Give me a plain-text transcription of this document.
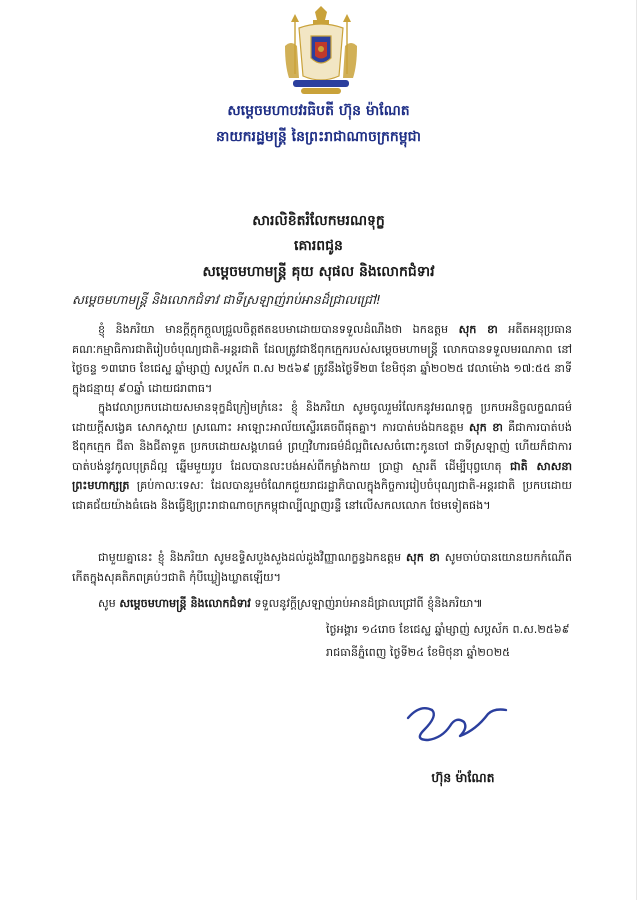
សម្តេចមហាបវរធិបតី ហ៊ុន ម៉ាណែត
នាយករដ្ឋមន្ត្រី នៃព្រះរាជាណាចក្រកម្ពុជា
សារលិខិតរំលែកមរណទុក្ខ
គោរពជូន
សម្តេចមហាមន្ត្រី គុយ សុផល និងលោកជំទាវ
សម្តេចមហាមន្ត្រី និងលោកជំទាវ ជាទីស្រឡាញ់រាប់អានដ៏ជ្រាលជ្រៅ!
ខ្ញុំ និងភរិយា មានក្តីក្តុកក្តួលជ្រួលចិត្តឥតឧបមាដោយបានទទួលដំណឹងថា ឯកឧត្តម សុក ខា អតីតអនុប្រធានគណៈកម្មាធិការជាតិរៀបចំបុណ្យជាតិ-អន្តរជាតិ ដែលត្រូវជាឪពុកក្មេករបស់សម្តេចមហាមន្ត្រី លោកបានទទួលមរណភាព នៅថ្ងៃចន្ទ ១៣រោច ខែជេស្ឋ ឆ្នាំម្សាញ់ សប្តស័ក ព.ស ២៥៦៩ ត្រូវនឹងថ្ងៃទី២៣ ខែមិថុនា ឆ្នាំ២០២៥ វេលាម៉ោង ១៧:៥៥ នាទី ក្នុងជន្មាយុ ៩០ឆ្នាំ ដោយជរាពាធ។
ក្នុងវេលាប្រកបដោយសមានទុក្ខដ៏ក្រៀមក្រំនេះ ខ្ញុំ និងភរិយា សូមចូលរួមរំលែកនូវមរណទុក្ខ ប្រកបអនិច្ចលក្ខណធម៌ដោយក្តីសង្វេគ សោកស្តាយ ស្រណោះ អាឡោះអាល័យស្ទើរគេចពីផុតគ្នា។ ការបាត់បង់ឯកឧត្តម សុក ខា គឺជាការបាត់បង់ឪពុកក្មេក ជីតា និងជីតាទួត ប្រកបដោយសង្គហធម៌ ព្រហ្មវិហារធម៌ដ៏ល្អពិសេសចំពោះកូនចៅ ជាទីស្រឡាញ់ ហើយក៏ជាការបាត់បង់នូវកូលបុត្រដ៏ល្អ ឆ្នើមមួយរូប ដែលបានលះបង់អស់ពីកម្លាំងកាយ ប្រាជ្ញា ស្មារតី ដើម្បីបុព្វហេតុ ជាតិ សាសនា ព្រះមហាក្សត្រ គ្រប់កាលៈទេសៈ ដែលបានរួមចំណែកជួយរាជរដ្ឋាភិបាលក្នុងកិច្ចការរៀបចំបុណ្យជាតិ-អន្តរជាតិ ប្រកបដោយជោគជ័យយ៉ាងធំធេង និងធ្វើឱ្យព្រះរាជាណាចក្រកម្ពុជាល្បីល្បាញរន្ទឺ នៅលើសកលលោក ថែមទៀតផង។
ជាមួយគ្នានេះ ខ្ញុំ និងភរិយា សូមឧទ្ទិសបួងសួងដល់ដួងវិញ្ញាណក្ខន្ធឯកឧត្តម សុក ខា សូមចាប់បានយោនយកកំណើតកើតក្នុងសុគតិភពគ្រប់ៗជាតិ កុំបីឃ្លៀងឃ្លាតឡើយ។
សូម សម្តេចមហាមន្ត្រី និងលោកជំទាវ ទទួលនូវក្តីស្រឡាញ់រាប់អានដ៏ជ្រាលជ្រៅពី ខ្ញុំនិងភរិយា៕
ថ្ងៃអង្គារ ១៤រោច ខែជេស្ឋ ឆ្នាំម្សាញ់ សប្តស័ក ព.ស.២៥៦៩
រាជធានីភ្នំពេញ ថ្ងៃទី២៤ ខែមិថុនា ឆ្នាំ២០២៥
ហ៊ុន ម៉ាណែត
